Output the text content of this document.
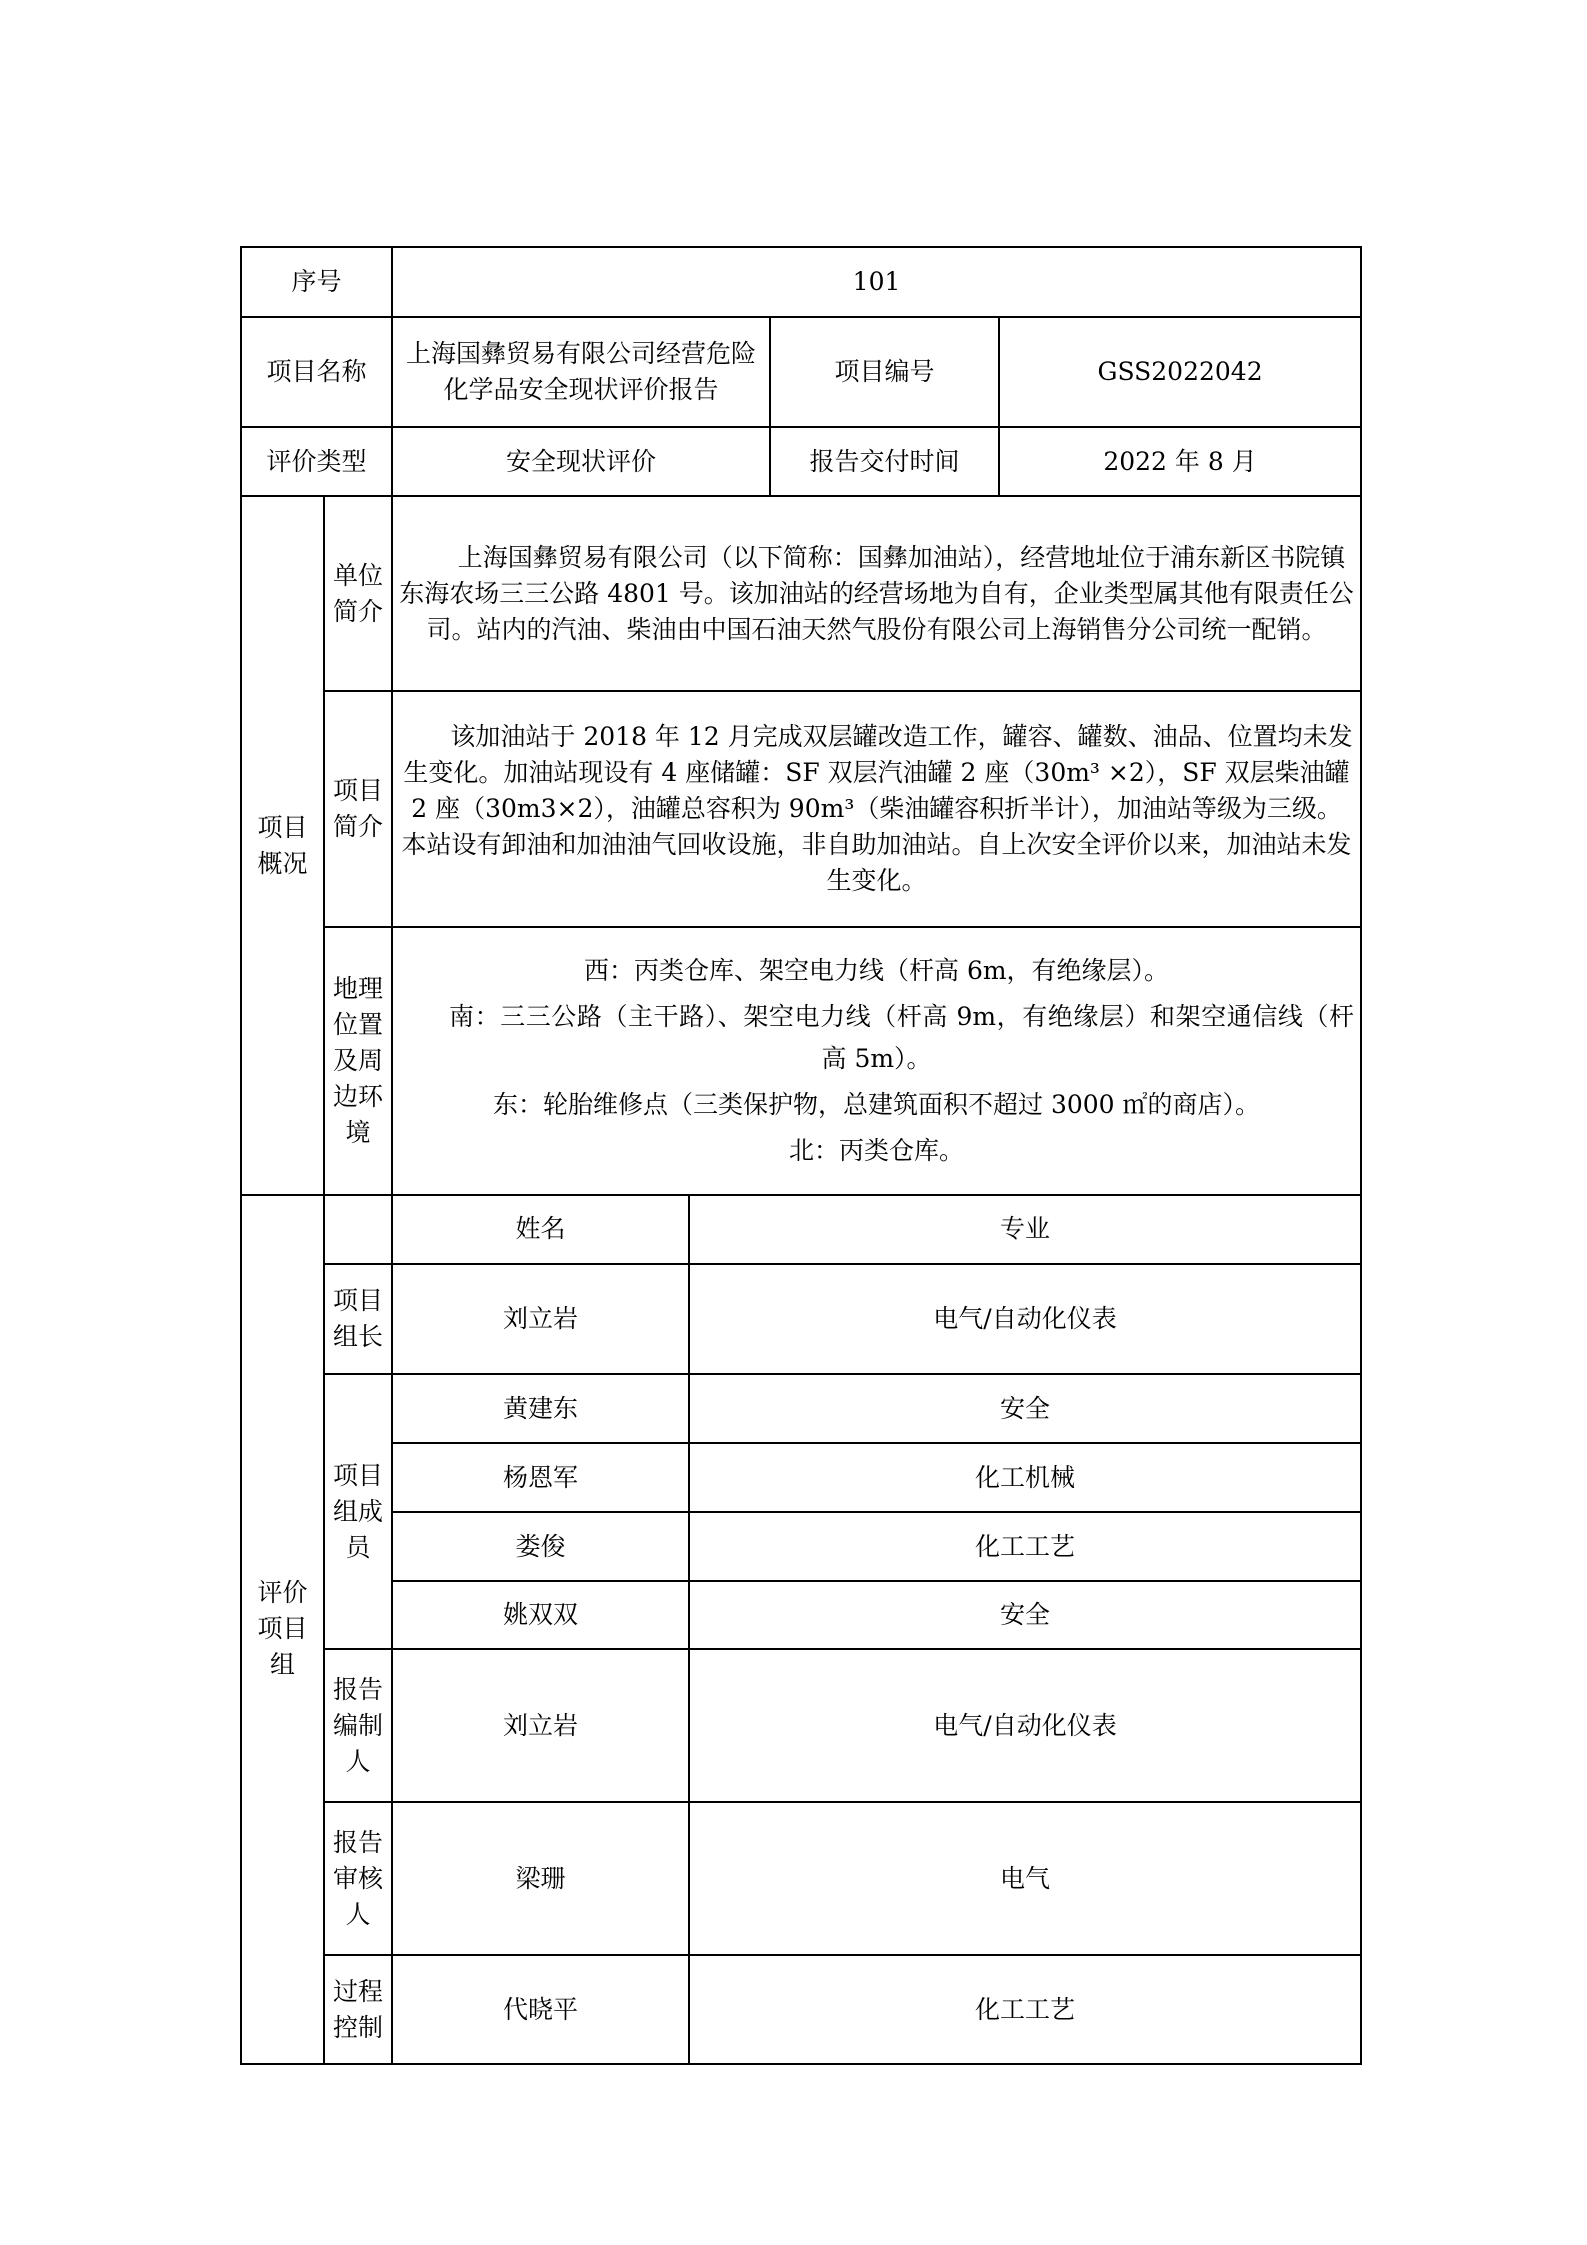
序号		101		
项目名称		上海国彝贸易有限公司经营危险化学品安全现状评价报告	项目编号	GSS2022042
评价类型		安全现状评价	报告交付时间	2022 年 8 月
项目概况	单位简介	上海国彝贸易有限公司（以下简称：国彝加油站），经营地址位于浦东新区书院镇东海农场三三公路 4801 号。该加油站的经营场地为自有，企业类型属其他有限责任公司。站内的汽油、柴油由中国石油天然气股份有限公司上海销售分公司统一配销。		
	项目简介	该加油站于 2018 年 12 月完成双层罐改造工作，罐容、罐数、油品、位置均未发生变化。加油站现设有 4 座储罐：SF 双层汽油罐 2 座（30m³ ×2），SF 双层柴油罐 2 座（30m3×2），油罐总容积为 90m³（柴油罐容积折半计），加油站等级为三级。本站设有卸油和加油油气回收设施，非自助加油站。自上次安全评价以来，加油站未发生变化。		
	地理位置及周边环境	西：丙类仓库、架空电力线（杆高 6m，有绝缘层）。
南：三三公路（主干路）、架空电力线（杆高 9m，有绝缘层）和架空通信线（杆高 5m）。
东：轮胎维修点（三类保护物，总建筑面积不超过 3000 ㎡的商店）。
北：丙类仓库。		
评价项目组		姓名	专业
	项目组长	刘立岩	电气/自动化仪表
	项目组成员	黄建东	安全
		杨恩军	化工机械
		娄俊	化工工艺
		姚双双	安全
	报告编制人	刘立岩	电气/自动化仪表
	报告审核人	梁珊	电气
	过程控制	代晓平	化工工艺
